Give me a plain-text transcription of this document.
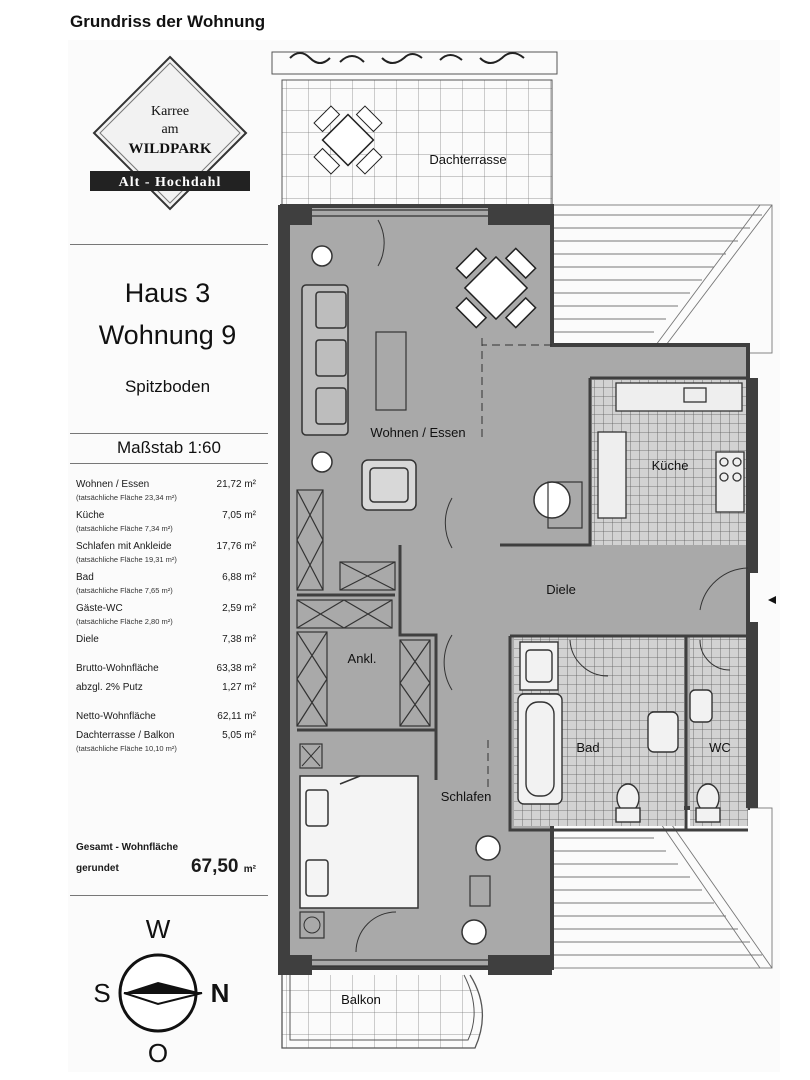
Grundriss der Wohnung
Karree
am
WILDPARK
Alt - Hochdahl
Haus 3
Wohnung 9
Spitzboden
Maßstab 1:60
Wohnen / Essen	21,72 m²
(tatsächliche Fläche 23,34 m²)
Küche	7,05 m²
(tatsächliche Fläche 7,34 m²)
Schlafen mit Ankleide	17,76 m²
(tatsächliche Fläche 19,31 m²)
Bad	6,88 m²
(tatsächliche Fläche 7,65 m²)
Gäste-WC	2,59 m²
(tatsächliche Fläche 2,80 m²)
Diele	7,38 m²
Brutto-Wohnfläche	63,38 m²
abzgl. 2% Putz	1,27 m²
Netto-Wohnfläche	62,11 m²
Dachterrasse / Balkon	5,05 m²
(tatsächliche Fläche 10,10 m²)
Gesamt - Wohnfläche
gerundet	67,50 m²
W
S	N
O
Dachterrasse
Wohnen / Essen
Küche
Ankl.
Diele
Bad	WC
Schlafen
Balkon
